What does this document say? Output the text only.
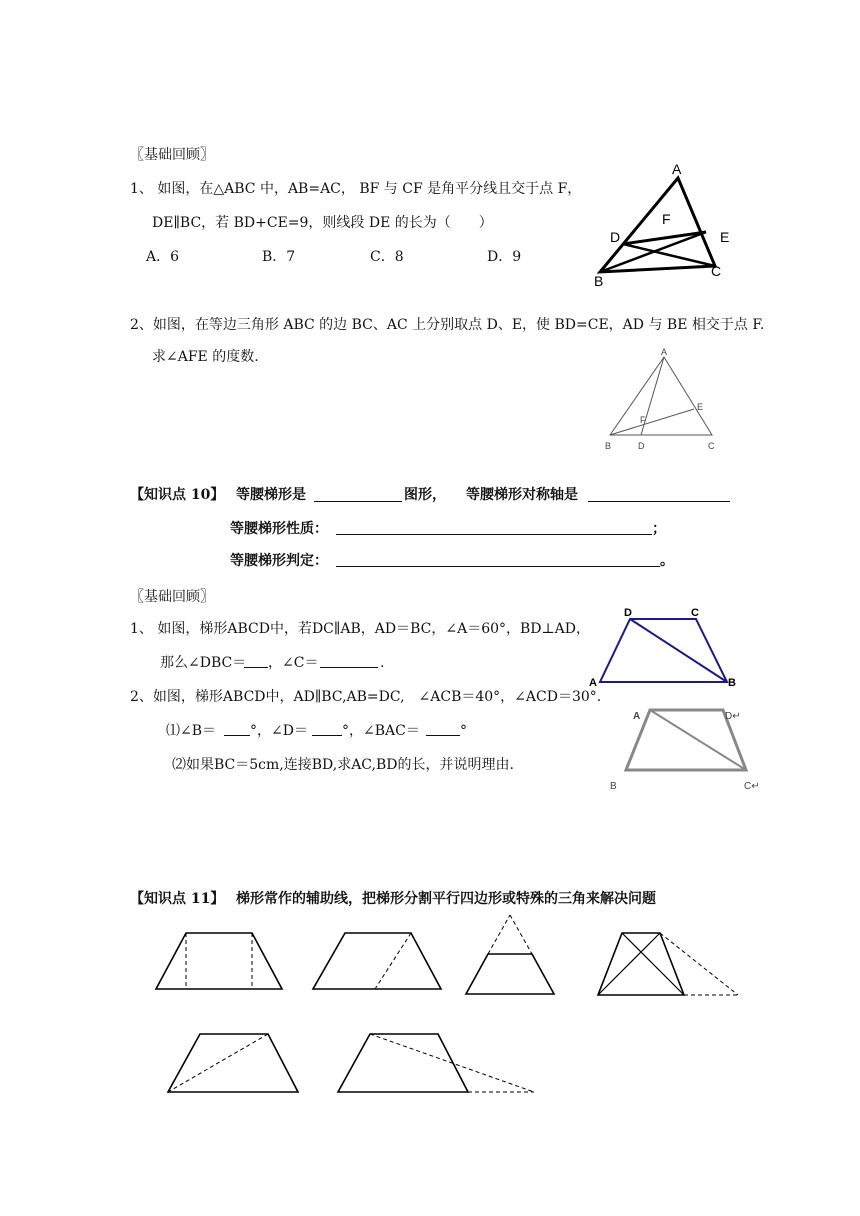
〖基础回顾〗
1、 如图，在△ABC 中，AB=AC， BF 与 CF 是角平分线且交于点 F，
DE∥BC，若 BD+CE=9，则线段 DE 的长为（　　）
A．6	B．7	C．8	D．9
A
F
D	E
B
C
2、如图，在等边三角形 ABC 的边 BC、AC 上分别取点 D、E，使 BD=CE，AD 与 BE 相交于点 F.
求∠AFE 的度数.	A
E
F
B	D	C
【知识点 10】 等腰梯形是	图形， 等腰梯形对称轴是
等腰梯形性质：	；
等腰梯形判定：	。
〖基础回顾〗
1、 如图，梯形ABCD中，若DC∥AB，AD＝BC，∠A＝60°，BD⊥AD，
那么∠DBC＝ ，∠C＝	.
D	C
A	B
2、如图，梯形ABCD中，AD∥BC,AB=DC,　∠ACB＝40°，∠ACD＝30°.
⑴∠B＝ °，∠D＝ °，∠BAC＝	°
⑵如果BC＝5cm,连接BD,求AC,BD的长，并说明理由.
A	D↵
B	C↵
【知识点 11】 梯形常作的辅助线，把梯形分割平行四边形或特殊的三角来解决问题
